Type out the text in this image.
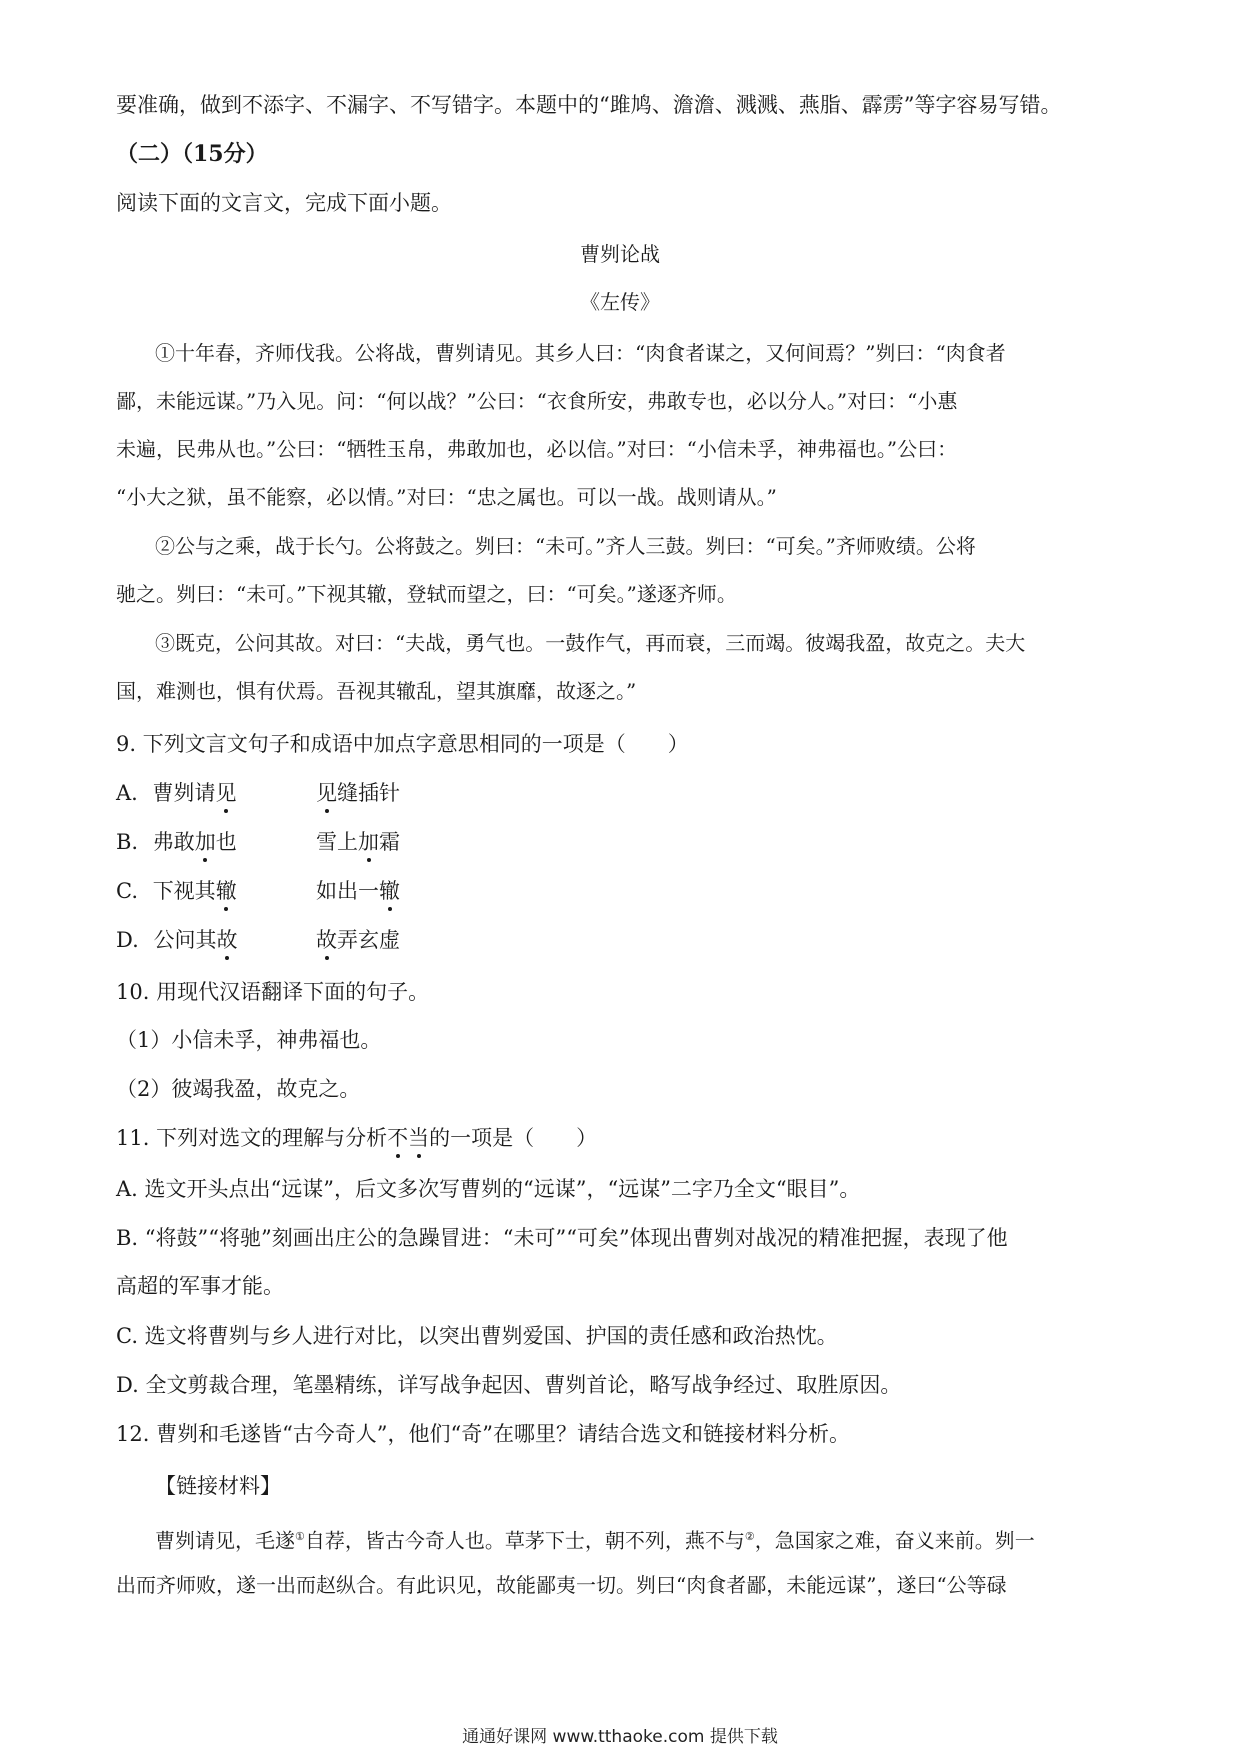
要准确，做到不添字、不漏字、不写错字。本题中的“雎鸠、澹澹、溅溅、燕脂、霹雳”等字容易写错。
（二）（15分）
阅读下面的文言文，完成下面小题。
曹刿论战
《左传》
①十年春，齐师伐我。公将战，曹刿请见。其乡人曰：“肉食者谋之，又何间焉？”刿曰：“肉食者
鄙，未能远谋。”乃入见。问：“何以战？”公曰：“衣食所安，弗敢专也，必以分人。”对曰：“小惠
未遍，民弗从也。”公曰：“牺牲玉帛，弗敢加也，必以信。”对曰：“小信未孚，神弗福也。”公曰：
“小大之狱，虽不能察，必以情。”对曰：“忠之属也。可以一战。战则请从。”
②公与之乘，战于长勺。公将鼓之。刿曰：“未可。”齐人三鼓。刿曰：“可矣。”齐师败绩。公将
驰之。刿曰：“未可。”下视其辙，登轼而望之，曰：“可矣。”遂逐齐师。
③既克，公问其故。对曰：“夫战，勇气也。一鼓作气，再而衰，三而竭。彼竭我盈，故克之。夫大
国，难测也，惧有伏焉。吾视其辙乱，望其旗靡，故逐之。”
9. 下列文言文句子和成语中加点字意思相同的一项是（　　）
A. 曹刿请见	见缝插针
B. 弗敢加也	雪上加霜
C. 下视其辙	如出一辙
D. 公问其故	故弄玄虚
10. 用现代汉语翻译下面的句子。
（1）小信未孚，神弗福也。
（2）彼竭我盈，故克之。
11. 下列对选文的理解与分析不当的一项是（　　）
A. 选文开头点出“远谋”，后文多次写曹刿的“远谋”，“远谋”二字乃全文“眼目”。
B. “将鼓”“将驰”刻画出庄公的急躁冒进：“未可”“可矣”体现出曹刿对战况的精准把握，表现了他
高超的军事才能。
C. 选文将曹刿与乡人进行对比，以突出曹刿爱国、护国的责任感和政治热忱。
D. 全文剪裁合理，笔墨精练，详写战争起因、曹刿首论，略写战争经过、取胜原因。
12. 曹刿和毛遂皆“古今奇人”，他们“奇”在哪里？请结合选文和链接材料分析。
【链接材料】
曹刿请见，毛遂①自荐，皆古今奇人也。草茅下士，朝不列，燕不与②，急国家之难，奋义来前。刿一
出而齐师败，遂一出而赵纵合。有此识见，故能鄙夷一切。刿曰“肉食者鄙，未能远谋”，遂曰“公等碌
通通好课网 www.tthaoke.com 提供下载
